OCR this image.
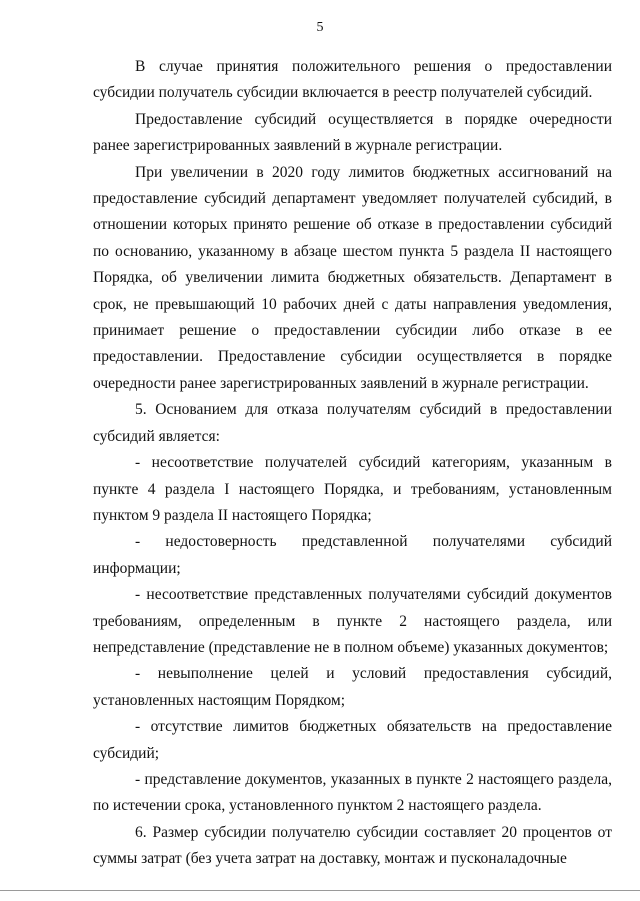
5

В случае принятия положительного решения о предоставлении субсидии получатель субсидии включается в реестр получателей субсидий.

Предоставление субсидий осуществляется в порядке очередности ранее зарегистрированных заявлений в журнале регистрации.

При увеличении в 2020 году лимитов бюджетных ассигнований на предоставление субсидий департамент уведомляет получателей субсидий, в отношении которых принято решение об отказе в предоставлении субсидий по основанию, указанному в абзаце шестом пункта 5 раздела II настоящего Порядка, об увеличении лимита бюджетных обязательств. Департамент в срок, не превышающий 10 рабочих дней с даты направления уведомления, принимает решение о предоставлении субсидии либо отказе в ее предоставлении. Предоставление субсидии осуществляется в порядке очередности ранее зарегистрированных заявлений в журнале регистрации.

5. Основанием для отказа получателям субсидий в предоставлении субсидий является:

- несоответствие получателей субсидий категориям, указанным в пункте 4 раздела I настоящего Порядка, и требованиям, установленным пунктом 9 раздела II настоящего Порядка;

- недостоверность представленной получателями субсидий информации;

- несоответствие представленных получателями субсидий документов требованиям, определенным в пункте 2 настоящего раздела, или непредставление (представление не в полном объеме) указанных документов;

- невыполнение целей и условий предоставления субсидий, установленных настоящим Порядком;

- отсутствие лимитов бюджетных обязательств на предоставление субсидий;

- представление документов, указанных в пункте 2 настоящего раздела, по истечении срока, установленного пунктом 2 настоящего раздела.

6. Размер субсидии получателю субсидии составляет 20 процентов от суммы затрат (без учета затрат на доставку, монтаж и пусконаладочные
